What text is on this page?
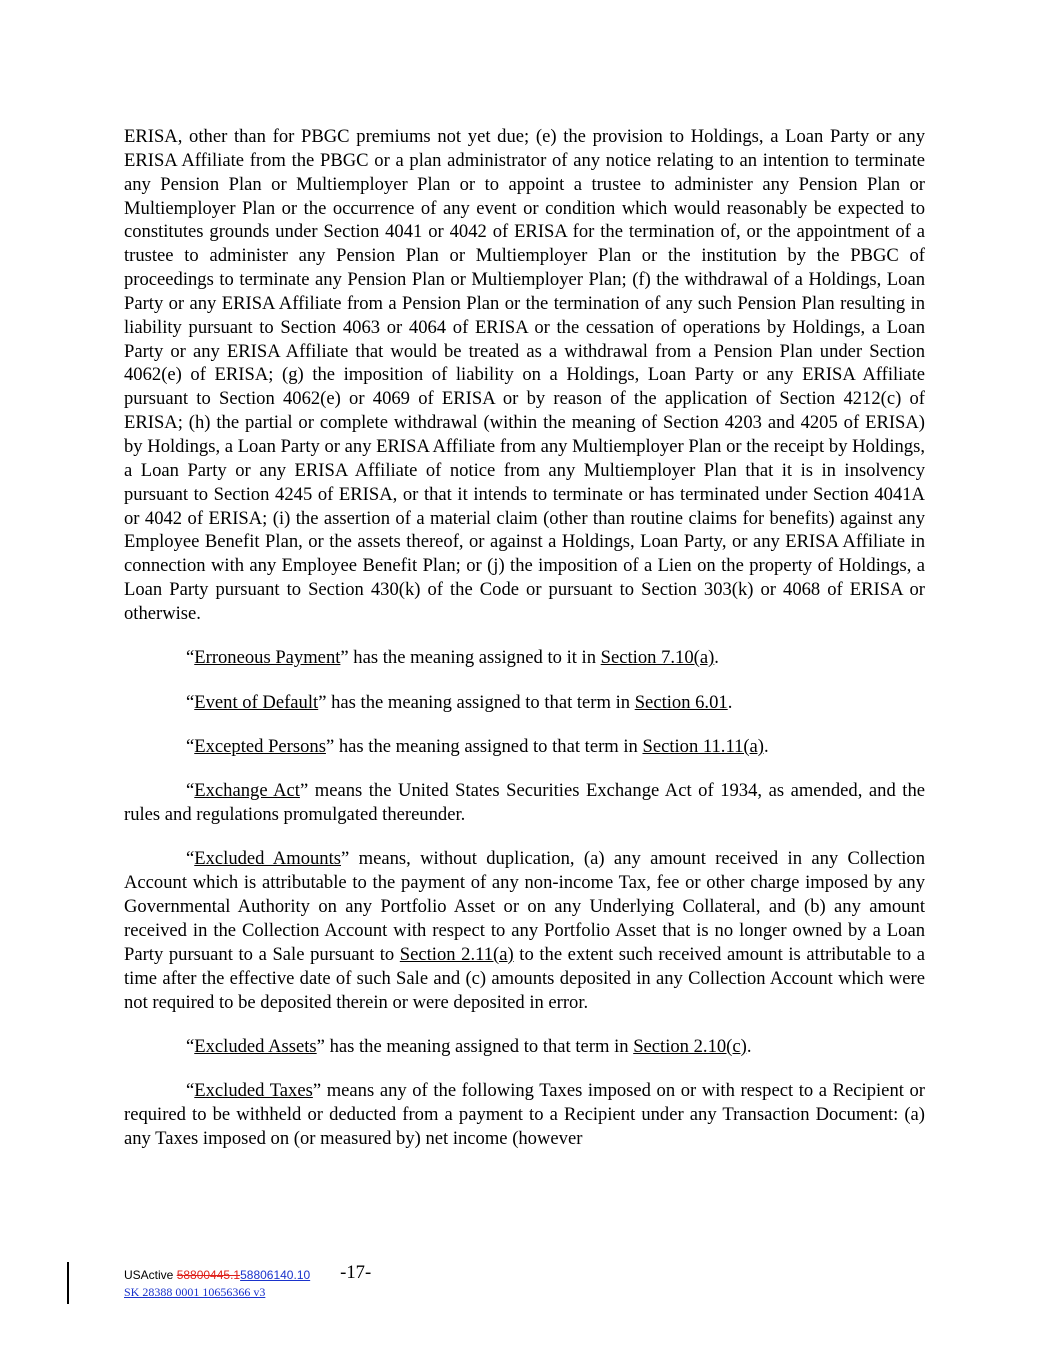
ERISA, other than for PBGC premiums not yet due; (e) the provision to Holdings, a Loan Party or any ERISA Affiliate from the PBGC or a plan administrator of any notice relating to an intention to terminate any Pension Plan or Multiemployer Plan or to appoint a trustee to administer any Pension Plan or Multiemployer Plan or the occurrence of any event or condition which would reasonably be expected to constitutes grounds under Section 4041 or 4042 of ERISA for the termination of, or the appointment of a trustee to administer any Pension Plan or Multiemployer Plan or the institution by the PBGC of proceedings to terminate any Pension Plan or Multiemployer Plan; (f) the withdrawal of a Holdings, Loan Party or any ERISA Affiliate from a Pension Plan or the termination of any such Pension Plan resulting in liability pursuant to Section 4063 or 4064 of ERISA or the cessation of operations by Holdings, a Loan Party or any ERISA Affiliate that would be treated as a withdrawal from a Pension Plan under Section 4062(e) of ERISA; (g) the imposition of liability on a Holdings, Loan Party or any ERISA Affiliate pursuant to Section 4062(e) or 4069 of ERISA or by reason of the application of Section 4212(c) of ERISA; (h) the partial or complete withdrawal (within the meaning of Section 4203 and 4205 of ERISA) by Holdings, a Loan Party or any ERISA Affiliate from any Multiemployer Plan or the receipt by Holdings, a Loan Party or any ERISA Affiliate of notice from any Multiemployer Plan that it is in insolvency pursuant to Section 4245 of ERISA, or that it intends to terminate or has terminated under Section 4041A or 4042 of ERISA; (i) the assertion of a material claim (other than routine claims for benefits) against any Employee Benefit Plan, or the assets thereof, or against a Holdings, Loan Party, or any ERISA Affiliate in connection with any Employee Benefit Plan; or (j) the imposition of a Lien on the property of Holdings, a Loan Party pursuant to Section 430(k) of the Code or pursuant to Section 303(k) or 4068 of ERISA or otherwise.

“Erroneous Payment” has the meaning assigned to it in Section 7.10(a).

“Event of Default” has the meaning assigned to that term in Section 6.01.

“Excepted Persons” has the meaning assigned to that term in Section 11.11(a).

“Exchange Act” means the United States Securities Exchange Act of 1934, as amended, and the rules and regulations promulgated thereunder.

“Excluded Amounts” means, without duplication, (a) any amount received in any Collection Account which is attributable to the payment of any non-income Tax, fee or other charge imposed by any Governmental Authority on any Portfolio Asset or on any Underlying Collateral, and (b) any amount received in the Collection Account with respect to any Portfolio Asset that is no longer owned by a Loan Party pursuant to a Sale pursuant to Section 2.11(a) to the extent such received amount is attributable to a time after the effective date of such Sale and (c) amounts deposited in any Collection Account which were not required to be deposited therein or were deposited in error.

“Excluded Assets” has the meaning assigned to that term in Section 2.10(c).

“Excluded Taxes” means any of the following Taxes imposed on or with respect to a Recipient or required to be withheld or deducted from a payment to a Recipient under any Transaction Document: (a) any Taxes imposed on (or measured by) net income (however

USActive 58800445.158806140.10 -17-
SK 28388 0001 10656366 v3
